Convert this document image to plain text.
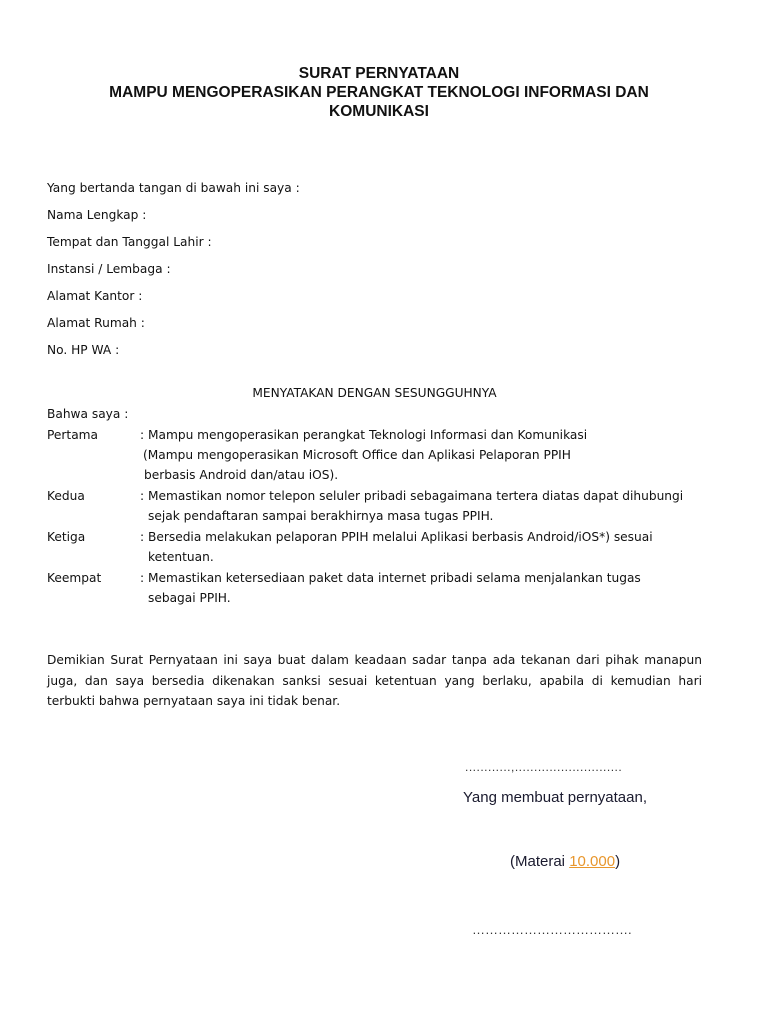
SURAT PERNYATAAN
MAMPU MENGOPERASIKAN PERANGKAT TEKNOLOGI INFORMASI DAN
KOMUNIKASI
Yang bertanda tangan di bawah ini saya :
Nama Lengkap :
Tempat dan Tanggal Lahir :
Instansi / Lembaga :
Alamat Kantor :
Alamat Rumah :
No. HP WA :
MENYATAKAN DENGAN SESUNGGUHNYA
Bahwa saya :
Pertama	: Mampu mengoperasikan perangkat Teknologi Informasi dan Komunikasi
(Mampu mengoperasikan Microsoft Office dan Aplikasi Pelaporan PPIH
berbasis Android dan/atau iOS).
Kedua	: Memastikan nomor telepon seluler pribadi sebagaimana tertera diatas dapat dihubungi
sejak pendaftaran sampai berakhirnya masa tugas PPIH.
Ketiga	: Bersedia melakukan pelaporan PPIH melalui Aplikasi berbasis Android/iOS*) sesuai
ketentuan.
Keempat	: Memastikan ketersediaan paket data internet pribadi selama menjalankan tugas
sebagai PPIH.
Demikian Surat Pernyataan ini saya buat dalam keadaan sadar tanpa ada tekanan dari pihak manapun juga, dan saya bersedia dikenakan sanksi sesuai ketentuan yang berlaku, apabila di kemudian hari terbukti bahwa pernyataan saya ini tidak benar.
............,............................
Yang membuat pernyataan,
(Materai 10.000)
……………………………….
